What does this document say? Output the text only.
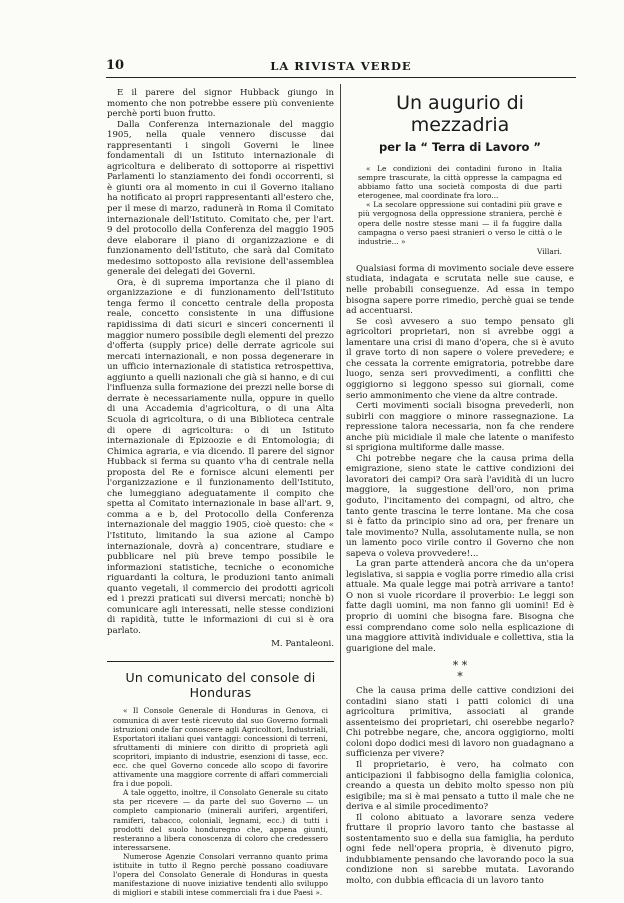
10	LA RIVISTA VERDE

E il parere del signor Hubback giungo in momento che non potrebbe essere più conveniente perchè porti buon frutto.

Dalla Conferenza internazionale del maggio 1905, nella quale vennero discusse dai rappresentanti i singoli Governi le linee fondamentali di un Istituto internazionale di agricoltura e deliberato di sottoporre ai rispettivi Parlamenti lo stanziamento dei fondi occorrenti, si è giunti ora al momento in cui il Governo italiano ha notificato ai propri rappresentanti all'estero che, per il mese di marzo, radunerà in Roma il Comitato internazionale dell'Istituto. Comitato che, per l'art. 9 del protocollo della Conferenza del maggio 1905 deve elaborare il piano di organizzazione e di funzionamento dell'Istituto, che sarà dal Comitato medesimo sottoposto alla revisione dell'assemblea generale dei delegati dei Governi.

Ora, è di suprema importanza che il piano di organizzazione e di funzionamento dell'Istituto tenga fermo il concetto centrale della proposta reale, concetto consistente in una diffusione rapidissima di dati sicuri e sinceri concernenti il maggior numero possibile degli elementi del prezzo d'offerta (supply price) delle derrate agricole sui mercati internazionali, e non possa degenerare in un ufficio internazionale di statistica retrospettiva, aggiunto a quelli nazionali che già si hanno, e di cui l'influenza sulla formazione dei prezzi nelle borse di derrate è necessariamente nulla, oppure in quello di una Accademia d'agricoltura, o di una Alta Scuola di agricoltura, o di una Biblioteca centrale di opere di agricoltura: o di un Istituto internazionale di Epizoozie e di Entomologia; di Chimica agraria, e via dicendo. Il parere del signor Hubback si ferma su quanto v'ha di centrale nella proposta del Re e fornisce alcuni elementi per l'organizzazione e il funzionamento dell'Istituto, che lumeggiano adeguatamente il compito che spetta al Comitato internazionale in base all'art. 9, comma a e b, del Protocollo della Conferenza internazionale del maggio 1905, cioè questo: che « l'Istituto, limitando la sua azione al Campo internazionale, dovrà a) concentrare, studiare e pubblicare nel più breve tempo possibile le informazioni statistiche, tecniche o economiche riguardanti la coltura, le produzioni tanto animali quanto vegetali, il commercio dei prodotti agricoli ed i prezzi praticati sui diversi mercati; nonchè b) comunicare agli interessati, nelle stesse condizioni di rapidità, tutte le informazioni di cui si è ora parlato.

M. Pantaleoni.
Un comunicato del console di Honduras

« Il Console Generale di Honduras in Genova, ci comunica di aver testè ricevuto dal suo Governo formali istruzioni onde far conoscere agli Agricoltori, Industriali, Esportatori italiani quei vantaggi: concessioni di terreni, sfruttamenti di miniere con diritto di proprietà agli scopritori, impianto di industrie, esenzioni di tasse, ecc. ecc. che quel Governo concede allo scopo di favorire attivamente una maggiore corrente di affari commerciali fra i due popoli.

A tale oggetto, inoltre, il Consolato Generale su citato sta per ricevere — da parte del suo Governo — un completo campionario (minerali auriferi, argentiferi, ramiferi, tabacco, coloniali, legnami, ecc.) di tutti i prodotti del suolo honduregno che, appena giunti, resteranno a libera conoscenza di coloro che credessero interessarsene.

Numerose Agenzie Consolari verranno quanto prima istituite in tutto il Regno perchè possano coadiuvare l'opera del Consolato Generale di Honduras in questa manifestazione di nuove iniziative tendenti allo sviluppo di migliori e stabili intese commerciali fra i due Paesi ».

Un augurio di mezzadria
per la “ Terra di Lavoro ”

« Le condizioni dei contadini furono in Italia sempre trascurate, la città oppresse la campagna ed abbiamo fatto una società composta di due parti eterogenee, mal coordinate fra loro...

« La secolare oppressione sui contadini più grave e più vergognosa della oppressione straniera, perchè è opera delle nostre stesse mani — il fa fuggire dalla campagna o verso paesi stranieri o verso le città o le industrie... »

Villari.

Qualsiasi forma di movimento sociale deve essere studiata, indagata e scrutata nelle sue cause, e nelle probabili conseguenze. Ad essa in tempo bisogna sapere porre rimedio, perchè guai se tende ad accentuarsi.

Se così avvesero a suo tempo pensato gli agricoltori proprietari, non si avrebbe oggi a lamentare una crisi di mano d'opera, che si è avuto il grave torto di non sapere o volere prevedere; e che cessata la corrente emigratoria, potrebbe dare luogo, senza seri provvedimenti, a conflitti che oggigiorno si leggono spesso sui giornali, come serio ammonimento che viene da altre contrade.

Certi movimenti sociali bisogna prevederli, non subirli con maggiore o minore rassegnazione. La repressione talora necessaria, non fa che rendere anche più micidiale il male che latente o manifesto si sprigiona multiforme dalle masse.

Chi potrebbe negare che la causa prima della emigrazione, sieno state le cattive condizioni dei lavoratori dei campi? Ora sarà l'avidità di un lucro maggiore, la suggestione dell'oro, non prima goduto, l'incitamento dei compagni, od altro, che tanto gente trascina le terre lontane. Ma che cosa si è fatto da principio sino ad ora, per frenare un tale movimento? Nulla, assolutamente nulla, se non un lamento poco virile contro il Governo che non sapeva o voleva provvedere!...

La gran parte attenderà ancora che da un'opera legislativa, si sappia e voglia porre rimedio alla crisi attuale. Ma quale legge mai potrà arrivare a tanto! O non si vuole ricordare il proverbio: Le leggi son fatte dagli uomini, ma non fanno gli uomini! Ed è proprio di uomini che bisogna fare. Bisogna che essi comprendano come solo nella esplicazione di una maggiore attività individuale e collettiva, stia la guarigione del male.

* *
*

Che la causa prima delle cattive condizioni dei contadini siano stati i patti colonici di una agricoltura primitiva, associati al grande assenteismo dei proprietari, chi oserebbe negarlo? Chi potrebbe negare, che, ancora oggigiorno, molti coloni dopo dodici mesi di lavoro non guadagnano a sufficienza per vivere?

Il proprietario, è vero, ha colmato con anticipazioni il fabbisogno della famiglia colonica, creando a questa un debito molto spesso non più esigibile; ma si è mai pensato a tutto il male che ne deriva e al simile procedimento?

Il colono abituato a lavorare senza vedere fruttare il proprio lavoro tanto che bastasse al sostentamento suo e della sua famiglia, ha perduto ogni fede nell'opera propria, è divenuto pigro, indubbiamente pensando che lavorando poco la sua condizione non si sarebbe mutata. Lavorando molto, con dubbia efficacia di un lavoro tanto
